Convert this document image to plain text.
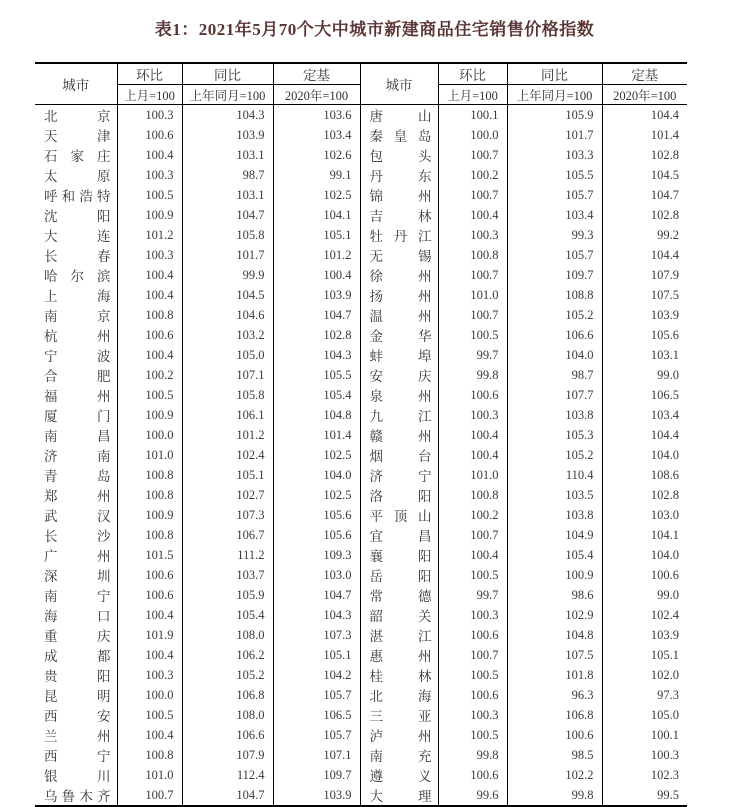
表1：2021年5月70个大中城市新建商品住宅销售价格指数
城市	环比	同比	定基	城市	环比	同比	定基
	上月=100	上年同月=100	2020年=100		上月=100	上年同月=100	2020年=100

北京	100.3	104.3	103.6	唐山	100.1	105.9	104.4

天津	100.6	103.9	103.4	秦皇岛	100.0	101.7	101.4

石家庄	100.4	103.1	102.6	包头	100.7	103.3	102.8

太原	100.3	98.7	99.1	丹东	100.2	105.5	104.5

呼和浩特	100.5	103.1	102.5	锦州	100.7	105.7	104.7

沈阳	100.9	104.7	104.1	吉林	100.4	103.4	102.8

大连	101.2	105.8	105.1	牡丹江	100.3	99.3	99.2

长春	100.3	101.7	101.2	无锡	100.8	105.7	104.4

哈尔滨	100.4	99.9	100.4	徐州	100.7	109.7	107.9

上海	100.4	104.5	103.9	扬州	101.0	108.8	107.5

南京	100.8	104.6	104.7	温州	100.7	105.2	103.9

杭州	100.6	103.2	102.8	金华	100.5	106.6	105.6

宁波	100.4	105.0	104.3	蚌埠	99.7	104.0	103.1

合肥	100.2	107.1	105.5	安庆	99.8	98.7	99.0

福州	100.5	105.8	105.4	泉州	100.6	107.7	106.5

厦门	100.9	106.1	104.8	九江	100.3	103.8	103.4

南昌	100.0	101.2	101.4	赣州	100.4	105.3	104.4

济南	101.0	102.4	102.5	烟台	100.4	105.2	104.0

青岛	100.8	105.1	104.0	济宁	101.0	110.4	108.6

郑州	100.8	102.7	102.5	洛阳	100.8	103.5	102.8

武汉	100.9	107.3	105.6	平顶山	100.2	103.8	103.0

长沙	100.8	106.7	105.6	宜昌	100.7	104.9	104.1

广州	101.5	111.2	109.3	襄阳	100.4	105.4	104.0

深圳	100.6	103.7	103.0	岳阳	100.5	100.9	100.6

南宁	100.6	105.9	104.7	常德	99.7	98.6	99.0

海口	100.4	105.4	104.3	韶关	100.3	102.9	102.4

重庆	101.9	108.0	107.3	湛江	100.6	104.8	103.9

成都	100.4	106.2	105.1	惠州	100.7	107.5	105.1

贵阳	100.3	105.2	104.2	桂林	100.5	101.8	102.0

昆明	100.0	106.8	105.7	北海	100.6	96.3	97.3

西安	100.5	108.0	106.5	三亚	100.3	106.8	105.0

兰州	100.4	106.6	105.7	泸州	100.5	100.6	100.1

西宁	100.8	107.9	107.1	南充	99.8	98.5	100.3

银川	101.0	112.4	109.7	遵义	100.6	102.2	102.3

乌鲁木齐	100.7	104.7	103.9	大理	99.6	99.8	99.5
